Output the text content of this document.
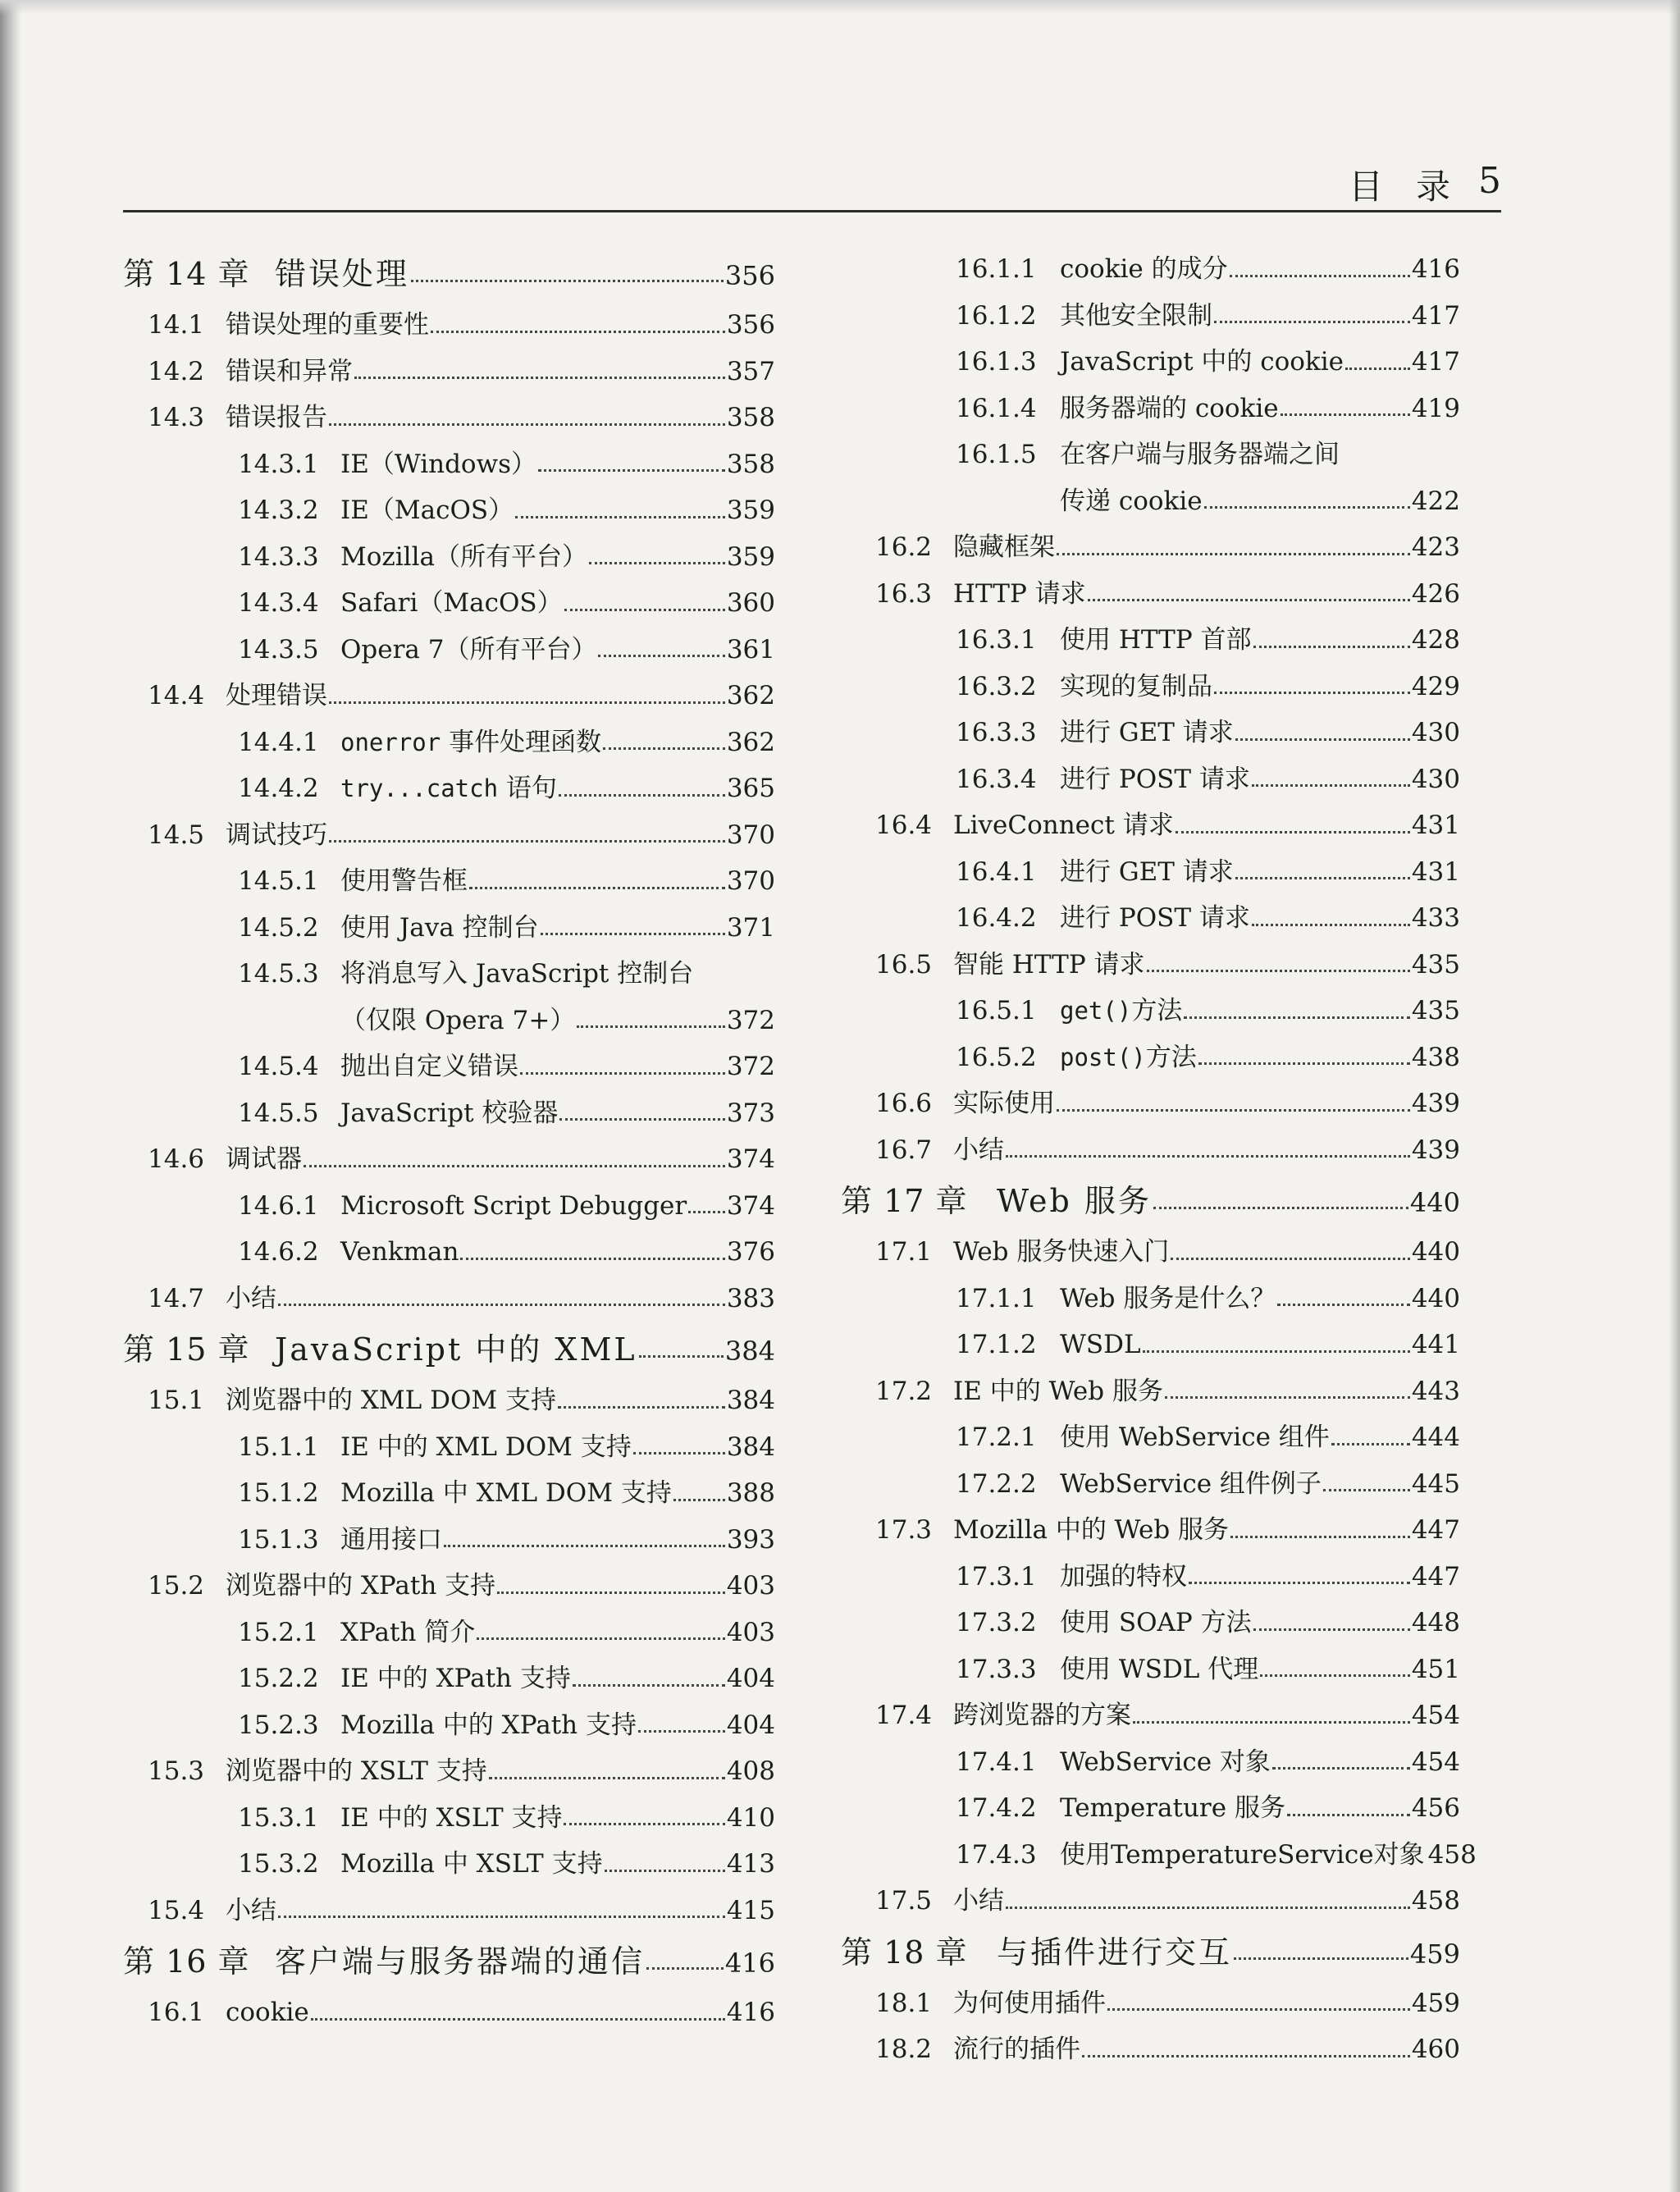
目 录 5
第 14 章 错误处理	356
14.1 错误处理的重要性	356
14.2 错误和异常	357
14.3 错误报告	358
14.3.1 IE（Windows）	358
14.3.2 IE（MacOS）	359
14.3.3 Mozilla（所有平台）	359
14.3.4 Safari（MacOS）	360
14.3.5 Opera 7（所有平台）	361
14.4 处理错误	362
14.4.1 onerror 事件处理函数	362
14.4.2 try...catch 语句	365
14.5 调试技巧	370
14.5.1 使用警告框	370
14.5.2 使用 Java 控制台	371
14.5.3 将消息写入 JavaScript 控制台
（仅限 Opera 7+）	372
14.5.4 抛出自定义错误	372
14.5.5 JavaScript 校验器	373
14.6 调试器	374
14.6.1 Microsoft Script Debugger 374
14.6.2 Venkman	376
14.7 小结	383
第 15 章 JavaScript 中的 XML	384
15.1 浏览器中的 XML DOM 支持	384
15.1.1 IE 中的 XML DOM 支持	384
15.1.2 Mozilla 中 XML DOM 支持 388
15.1.3 通用接口	393
15.2 浏览器中的 XPath 支持	403
15.2.1 XPath 简介	403
15.2.2 IE 中的 XPath 支持	404
15.2.3 Mozilla 中的 XPath 支持	404
15.3 浏览器中的 XSLT 支持	408
15.3.1 IE 中的 XSLT 支持	410
15.3.2 Mozilla 中 XSLT 支持	413
15.4 小结	415
第 16 章 客户端与服务器端的通信	416
16.1 cookie	416
16.1.1 cookie 的成分	416
16.1.2 其他安全限制	417
16.1.3 JavaScript 中的 cookie	417
16.1.4 服务器端的 cookie	419
16.1.5 在客户端与服务器端之间
传递 cookie	422
16.2 隐藏框架	423
16.3 HTTP 请求	426
16.3.1 使用 HTTP 首部	428
16.3.2 实现的复制品	429
16.3.3 进行 GET 请求	430
16.3.4 进行 POST 请求	430
16.4 LiveConnect 请求	431
16.4.1 进行 GET 请求	431
16.4.2 进行 POST 请求	433
16.5 智能 HTTP 请求	435
16.5.1 get()方法	435
16.5.2 post()方法	438
16.6 实际使用	439
16.7 小结	439
第 17 章 Web 服务	440
17.1 Web 服务快速入门	440
17.1.1 Web 服务是什么？	440
17.1.2 WSDL	441
17.2 IE 中的 Web 服务	443
17.2.1 使用 WebService 组件	444
17.2.2 WebService 组件例子	445
17.3 Mozilla 中的 Web 服务	447
17.3.1 加强的特权	447
17.3.2 使用 SOAP 方法	448
17.3.3 使用 WSDL 代理	451
17.4 跨浏览器的方案	454
17.4.1 WebService 对象	454
17.4.2 Temperature 服务	456
17.4.3 使用TemperatureService对象 458
17.5 小结	458
第 18 章 与插件进行交互	459
18.1 为何使用插件	459
18.2 流行的插件	460
